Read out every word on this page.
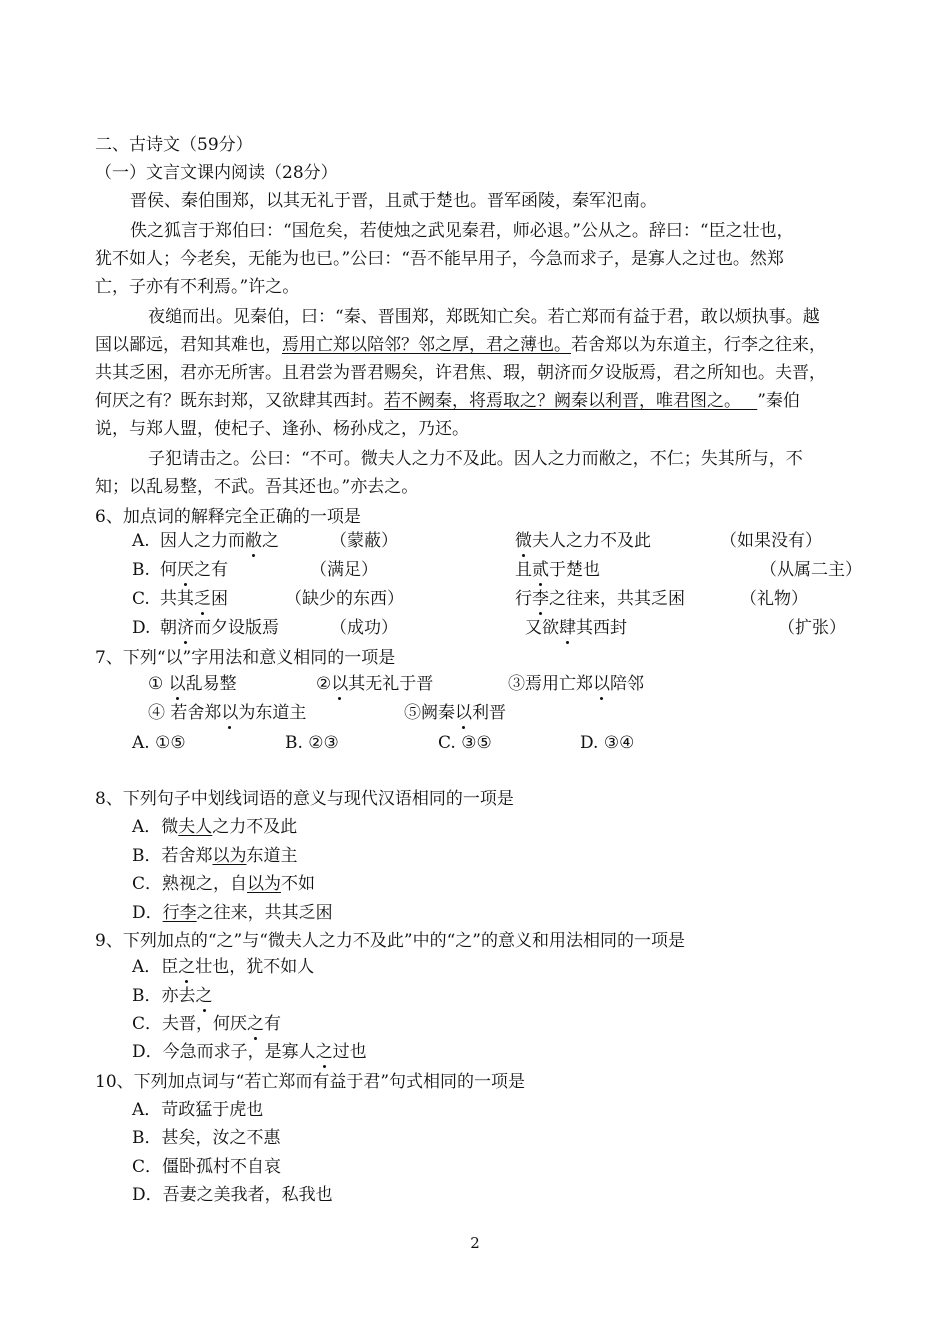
二、古诗文（59分）
（一）文言文课内阅读（28分）
晋侯、秦伯围郑，以其无礼于晋，且贰于楚也。晋军函陵，秦军氾南。
佚之狐言于郑伯曰：“国危矣，若使烛之武见秦君，师必退。”公从之。辞曰：“臣之壮也，
犹不如人；今老矣，无能为也已。”公曰：“吾不能早用子，今急而求子，是寡人之过也。然郑
亡，子亦有不利焉。”许之。
夜缒而出。见秦伯，曰：“秦、晋围郑，郑既知亡矣。若亡郑而有益于君，敢以烦执事。越
国以鄙远，君知其难也，焉用亡郑以陪邻？邻之厚，君之薄也。若舍郑以为东道主，行李之往来，
共其乏困，君亦无所害。且君尝为晋君赐矣，许君焦、瑕，朝济而夕设版焉，君之所知也。夫晋，
何厌之有？既东封郑，又欲肆其西封。若不阙秦，将焉取之？阙秦以利晋，唯君图之。 ”秦伯
说，与郑人盟，使杞子、逢孙、杨孙戍之，乃还。
子犯请击之。公曰：“不可。微夫人之力不及此。因人之力而敝之，不仁；失其所与，不
知；以乱易整，不武。吾其还也。”亦去之。
6、加点词的解释完全正确的一项是
A. 因人之力而敝之	（蒙蔽）	微夫人之力不及此	（如果没有）
B. 何厌之有	（满足）	且贰于楚也	（从属二主）
C. 共其乏困	（缺少的东西）	行李之往来，共其乏困	（礼物）
D. 朝济而夕设版焉	（成功）	又欲肆其西封	（扩张）
7、下列“以”字用法和意义相同的一项是
① 以乱易整	②以其无礼于晋	③焉用亡郑以陪邻
④ 若舍郑以为东道主	⑤阙秦以利晋
A. ①⑤	B. ②③	C. ③⑤	D. ③④
8、下列句子中划线词语的意义与现代汉语相同的一项是
A．微夫人之力不及此
B．若舍郑以为东道主
C．熟视之，自以为不如
D．行李之往来，共其乏困
9、下列加点的“之”与“微夫人之力不及此”中的“之”的意义和用法相同的一项是
A．臣之壮也，犹不如人
B．亦去之
C．夫晋，何厌之有
D．今急而求子，是寡人之过也
10、下列加点词与“若亡郑而有益于君”句式相同的一项是
A．苛政猛于虎也
B．甚矣，汝之不惠
C．僵卧孤村不自哀
D．吾妻之美我者，私我也
2
